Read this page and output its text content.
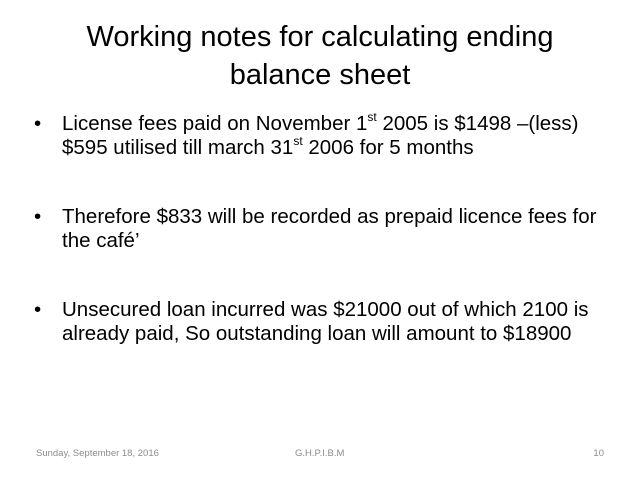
Working notes for calculating ending
balance sheet
• License fees paid on November 1st 2005 is $1498 –(less) $595 utilised till march 31st 2006 for 5 months
• Therefore $833 will be recorded as prepaid licence fees for the café’
• Unsecured loan incurred was $21000 out of which 2100 is already paid, So outstanding loan will amount to $18900
Sunday, September 18, 2016	G.H.P.I.B.M	10
